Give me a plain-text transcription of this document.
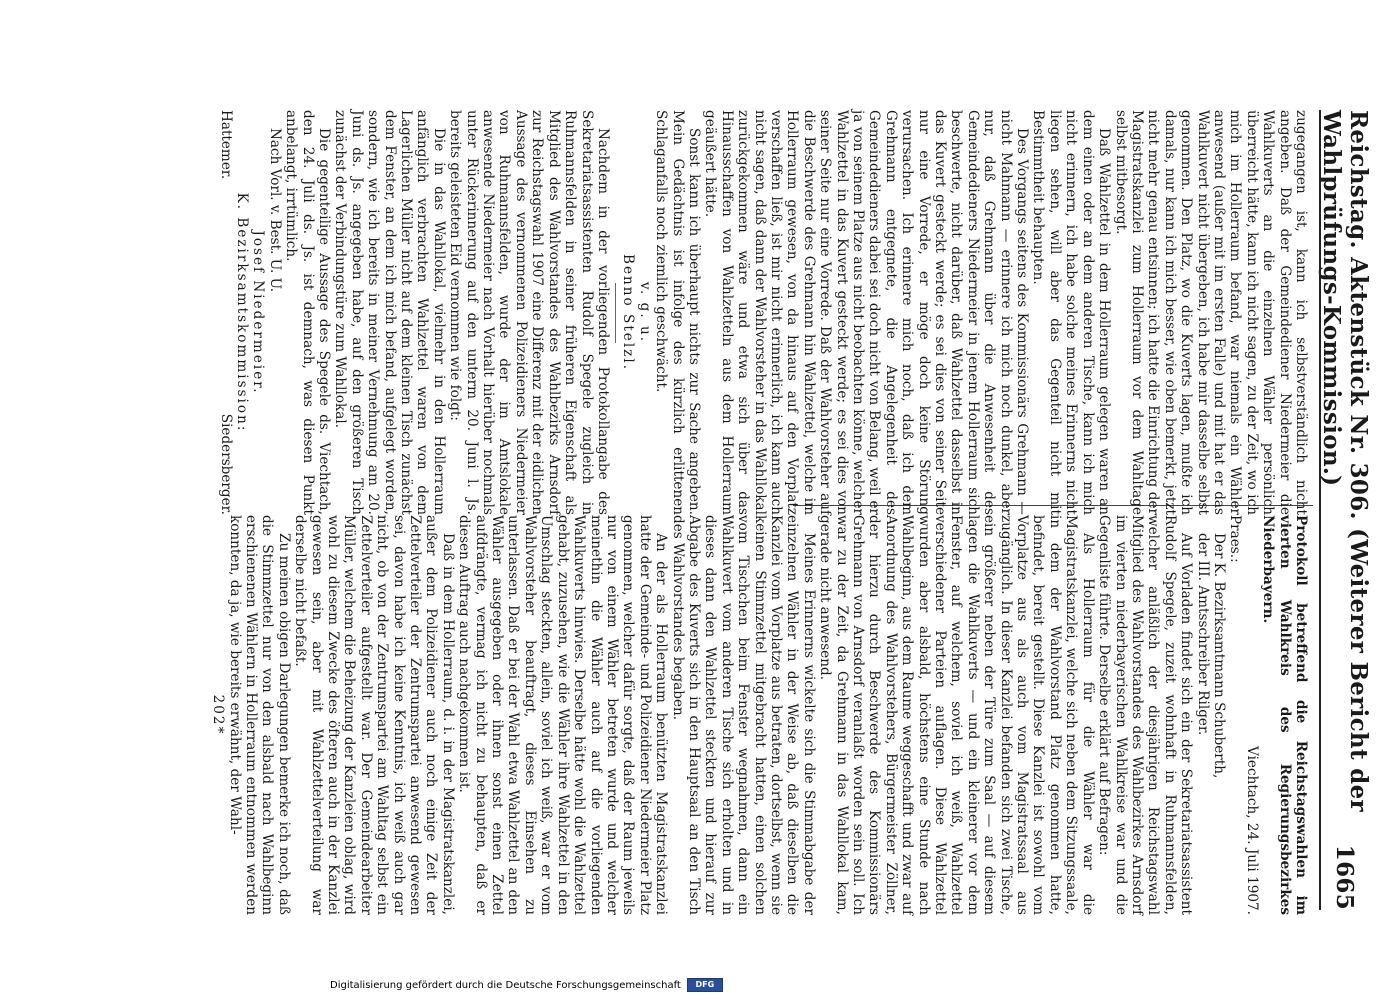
Reichstag. Aktenstück Nr. 306. (Weiterer Bericht der Wahlprüfungs-Kommission.)
1665

zugegangen ist, kann ich selbstverständlich nicht angeben. Daß der Gemeindediener Niedermeier die Wahlkuverts an die einzelnen Wähler persönlich überreicht hätte, kann ich nicht sagen, zu der Zeit, wo ich mich im Hollerraum befand, war niemals ein Wähler anwesend (außer mit im ersten Falle) und mit hat er das Wahlkuvert nicht übergeben, ich habe mir dasselbe selbst genommen. Den Platz, wo die Kuverts lagen, mußte ich damals, nur kann ich mich besser, wie oben bemerkt, jetzt nicht mehr genau entsinnen; ich hatte die Einrichtung der Magistratskanzlei zum Hollerraum vor dem Wahltage selbst mitbesorgt.

Daß Wahlzettel in dem Hollerraum gelegen waren an dem einen oder an dem anderen Tische, kann ich mich nicht erinnern, ich habe solche meines Erinnerns nicht liegen sehen, will aber das Gegenteil nicht mit Bestimmtheit behaupten.

Des Vorgangs seitens des Kommissionärs Grehmann — nicht Mahmann — erinnere ich mich noch dunkel, aber nur, daß Grehmann über die Anwesenheit des Gemeindedieners Niedermeier in jenem Hollerraum sich beschwerte, nicht darüber, daß Wahlzettel dasselbst in das Kuvert gesteckt werde; es sei dies von seiner Seite nur eine Vorrede, er möge doch keine Störung verursachen. Ich erinnere mich noch, daß ich dem Grehmann entgegnete, die Angelegenheit des Gemeindedieners dabei sei doch nicht von Belang, weil er ja von seinem Platze aus nicht beobachten könne, welcher Wahlzettel in das Kuvert gesteckt werde; es sei dies von seiner Seite nur eine Vorrede. Daß der Wahlvorsteher auf die Beschwerde des Grehmann hin Wahlzettel, welche im Hollerraum gewesen, von da hinaus auf den Vorplatz verschaffen ließ, ist mir nicht erinnerlich, ich kann auch nicht sagen, daß dann der Wahlvorsteher in das Wahllokal zurückgekommen wäre und etwa sich über das Hinausschaffen von Wahlzetteln aus dem Hollerraum geäußert hätte.

Sonst kann ich überhaupt nichts zur Sache angeben. Mein Gedächtnis ist infolge des kürzlich erlittenen Schlaganfalls noch ziemlich geschwächt.

v. g. u.

Benno Stelzl.

Nachdem in der vorliegenden Protokollangabe des Sekretariatsassistenten Rudolf Spegele zugleich in Ruhmannsfelden in seiner früheren Eigenschaft als Mitglied des Wahlvorstandes des Wahlbezirks Arnsdorf zur Reichstagswahl 1907 eine Differenz mit der eidlichen Aussage des vernommenen Polizeidieners Niedermeier von Ruhmannsfelden, wurde der im Amtslokale anwesende Niedermeier nach Vorhalt hierüber nochmals unter Rückerinnerung auf den unterm 20. Juni l. Js. bereits geleisteten Eid vernommen wie folgt:

Die in das Wahllokal, vielmehr in den Hollerraum anfänglich verbrachten Wahlzettel waren von dem Lagerlichen Müller nicht auf dem kleinen Tisch zunächst dem Fenster, an dem ich mich befand, aufgelegt worden, sondern, wie ich bereits in meiner Vernehmung am 20. Juni ds. Js. angegeben habe, auf den größeren Tisch zunächst der Verbindungstüre zum Wahllokal.

Die gegenteilige Aussage des Spegele ds. Viechtach, den 24. Juli ds. Js. ist demnach, was diesen Punkt anbelangt, irrtümlich.

Nach Vorl. v. Best. U. U.

Josef Niedermeier.

K. Bezirksamtskommission:

Hattemer.
Siedersberger.

Protokoll betreffend die Reichstagswahlen im vierten Wahlkreis des Regierungsbezirkes Niederbayern.

Viechtach, 24. Juli 1907.

Praes.:

Der K. Bezirksamtmann Schuberth,

der III. Amtsschreiber Rilger.

Auf Vorladen findet sich ein der Sekretariatsassistent Rudolf Spegele, zuzeit wohnhaft in Ruhmannsfelden, welcher anläßlich der diesjährigen Reichstagswahl Mitglied des Wahlvorstandes des Wahlbezirkes Arnsdorf im vierten niederbayerischen Wahlkreise war und die Gegenliste führte. Derselbe erklärt auf Befragen:

Als Hollerraum für die Wähler war die Magistratskanzlei, welche sich neben dem Sitzungssaale, in dem der Wahlvorstand Platz genommen hatte, befindet, bereit gestellt. Diese Kanzlei ist sowohl vom Vorplatze aus als auch vom Magistratssaal aus zugänglich. In dieser Kanzlei befanden sich zwei Tische, ein größerer neben der Türe zum Saal — auf diesem lagen die Wahlkuverts — und ein kleinerer vor dem Fenster, auf welchem, soviel ich weiß, Wahlzettel verschiedener Parteien auflagen. Diese Wahlzettel wurden aber alsbald, höchstens eine Stunde nach Wahlbeginn, aus dem Raume weggeschafft und zwar auf Anordnung des Wahlvorstehers, Bürgermeister Zöllner, der hierzu durch Beschwerde des Kommissionärs Grehmann von Arnsdorf veranlaßt worden sein soll. Ich war zu der Zeit, da Grehmann in das Wahllokal kam, gerade nicht anwesend.

Meines Erinnerns wickelte sich die Stimmabgabe der einzelnen Wähler in der Weise ab, daß dieselben die Kanzlei vom Vorplatze aus betraten, dortselbst, wenn sie keinen Stimmzettel mitgebracht hatten, einen solchen vom Tischchen beim Fenster wegnahmen, dann ein Wahlkuvert vom anderen Tische sich erholten und in dieses dann den Wahlzettel steckten und hierauf zur Abgabe des Kuverts sich in den Hauptsaal an den Tisch des Wahlvorstandes begaben.

An der als Hollerraum benützten Magistratskanzlei hatte der Gemeinde- und Polizeidiener Niedermeier Platz genommen, welcher dafür sorgte, daß der Raum jeweils nur von einem Wähler betreten wurde und welcher meinethin die Wähler auch auf die vorliegenden Wahlkuverts hinwies. Derselbe hätte wohl die Wahlzettel gehabt, zuzusehen, wie die Wähler ihre Wahlzettel in den Umschlag steckten, allein, soviel ich weiß, war er vom Wahlvorsteher beauftragt, dieses Einsehen zu unterlassen. Daß er bei der Wahl etwa Wahlzettel an den Wähler ausgegeben oder ihnen sonst einen Zettel aufdrängte, vermag ich nicht zu behaupten, daß er diesen Auftrag auch nachgekommen ist.

Daß in dem Hollerraum, d. i. in der Magistratskanzlei, außer dem Polizeidiener auch noch einige Zeit der Zettelverteiler der Zentrumspartei anwesend gewesen sei, davon habe ich keine Kenntnis, ich weiß auch gar nicht, ob von der Zentrumspartei am Wahltag selbst ein Zettelverteiler aufgestellt war. Der Gemeindearbeiter Müller, welchem die Beheizung der Kanzleien oblag, wird wohl zu diesem Zwecke des öfteren auch in der Kanzlei gewesen sein, aber mit Wahlzettelverteilung war derselbe nicht befaßt.

Zu meinen obigen Darlegungen bemerke ich noch, daß die Stimmzettel nur von den alsbald nach Wahlbeginn erschienenen Wählern in Hollerraum entnommen werden konnten, da ja, wie bereits erwähnt, der Wahl-

202*

Digitalisierung gefördert durch die Deutsche Forschungsgemeinschaft	DFG
